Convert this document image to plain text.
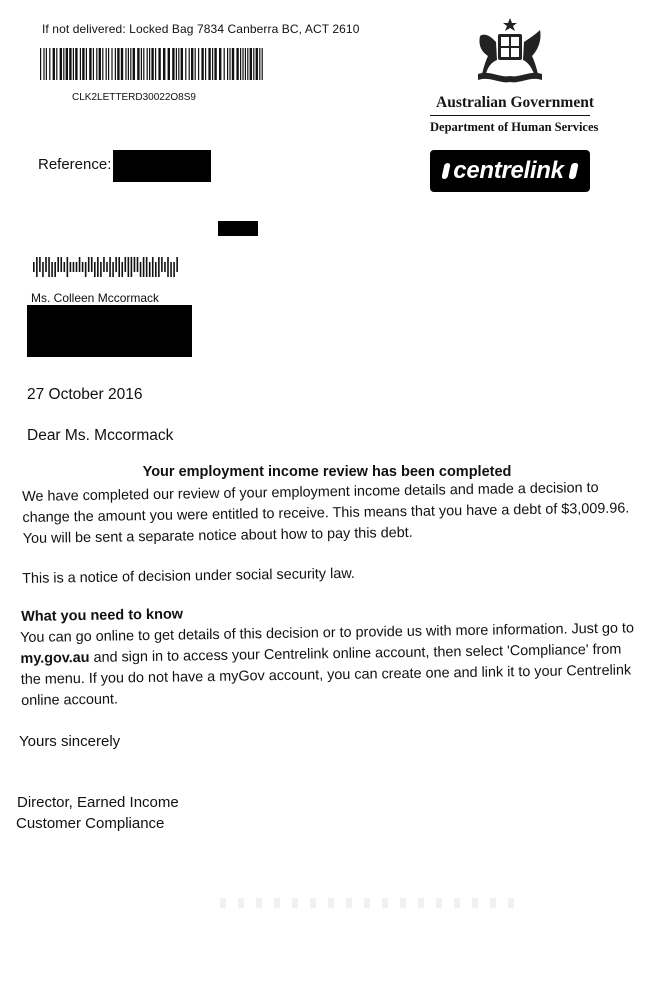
If not delivered: Locked Bag 7834 Canberra BC, ACT 2610
CLK2LETTERD30022O8S9	Australian Government
Department of Human Services
centrelink
Reference:
Ms. Colleen Mccormack
27 October 2016
Dear Ms. Mccormack
Your employment income review has been completed
We have completed our review of your employment income details and made a decision to change the amount you were entitled to receive. This means that you have a debt of $3,009.96. You will be sent a separate notice about how to pay this debt.
This is a notice of decision under social security law.
What you need to know
You can go online to get details of this decision or to provide us with more information. Just go to my.gov.au and sign in to access your Centrelink online account, then select 'Compliance' from the menu. If you do not have a myGov account, you can create one and link it to your Centrelink online account.
Yours sincerely
Director, Earned Income
Customer Compliance
